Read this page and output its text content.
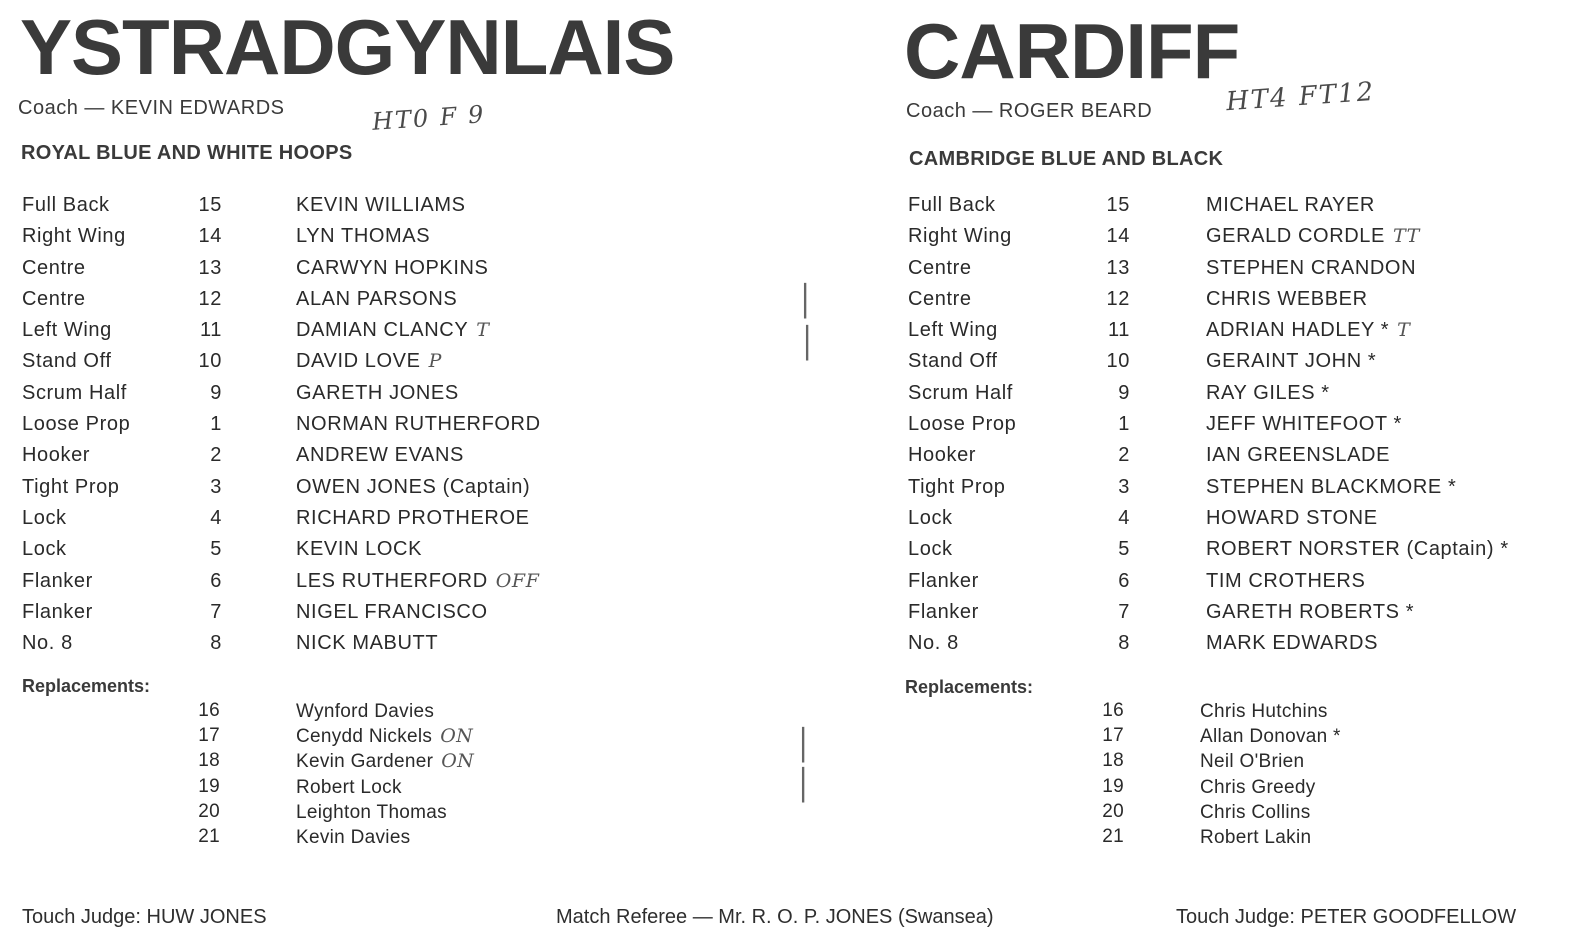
YSTRADGYNLAIS
Coach — KEVIN EDWARDS	HT0 F 9
ROYAL BLUE AND WHITE HOOPS
Full Back	15	KEVIN WILLIAMS
Right Wing	14	LYN THOMAS
Centre	13	CARWYN HOPKINS
Centre	12	ALAN PARSONS
Left Wing	11	DAMIAN CLANCY T
Stand Off	10	DAVID LOVE P
Scrum Half	9	GARETH JONES
Loose Prop	1	NORMAN RUTHERFORD
Hooker	2	ANDREW EVANS
Tight Prop	3	OWEN JONES (Captain)
Lock	4	RICHARD PROTHEROE
Lock	5	KEVIN LOCK
Flanker	6	LES RUTHERFORD OFF
Flanker	7	NIGEL FRANCISCO
No. 8	8	NICK MABUTT
Replacements:
16	Wynford Davies
17	Cenydd Nickels ON
18	Kevin Gardener ON
19	Robert Lock
20	Leighton Thomas
21	Kevin Davies
CARDIFF
Coach — ROGER BEARD	HT4 FT12
CAMBRIDGE BLUE AND BLACK
Full Back	15	MICHAEL RAYER
Right Wing	14	GERALD CORDLE TT
Centre	13	STEPHEN CRANDON
Centre	12	CHRIS WEBBER
Left Wing	11	ADRIAN HADLEY * T
Stand Off	10	GERAINT JOHN *
Scrum Half	9	RAY GILES *
Loose Prop	1	JEFF WHITEFOOT *
Hooker	2	IAN GREENSLADE
Tight Prop	3	STEPHEN BLACKMORE *
Lock	4	HOWARD STONE
Lock	5	ROBERT NORSTER (Captain) *
Flanker	6	TIM CROTHERS
Flanker	7	GARETH ROBERTS *
No. 8	8	MARK EDWARDS
Replacements:
16	Chris Hutchins
17	Allan Donovan *
18	Neil O'Brien
19	Chris Greedy
20	Chris Collins
21	Robert Lakin
│
│
│
│
Touch Judge: HUW JONES	Match Referee — Mr. R. O. P. JONES (Swansea)	Touch Judge: PETER GOODFELLOW
